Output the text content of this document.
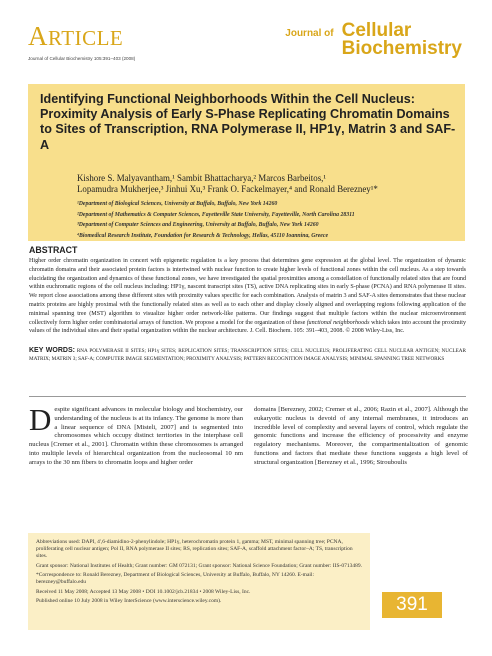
ARTICLE
Journal of Cellular Biochemistry 105:391–403 (2008)
Journal of Cellular
Biochemistry
Identifying Functional Neighborhoods Within the Cell Nucleus: Proximity Analysis of Early S-Phase Replicating Chromatin Domains to Sites of Transcription, RNA Polymerase II, HP1γ, Matrin 3 and SAF-A
Kishore S. Malyavantham,¹ Sambit Bhattacharya,² Marcos Barbeitos,¹
Lopamudra Mukherjee,³ Jinhui Xu,³ Frank O. Fackelmayer,⁴ and Ronald Berezney¹*
¹Department of Biological Sciences, University at Buffalo, Buffalo, New York 14260
²Department of Mathematics & Computer Sciences, Fayetteville State University, Fayetteville, North Carolina 28311
³Department of Computer Sciences and Engineering, University at Buffalo, Buffalo, New York 14260
⁴Biomedical Research Institute, Foundation for Research & Technology, Hellas, 45110 Ioannina, Greece
ABSTRACT
Higher order chromatin organization in concert with epigenetic regulation is a key process that determines gene expression at the global level. The organization of dynamic chromatin domains and their associated protein factors is intertwined with nuclear function to create higher levels of functional zones within the cell nucleus. As a step towards elucidating the organization and dynamics of these functional zones, we have investigated the spatial proximities among a constellation of functionally related sites that are found within euchromatic regions of the cell nucleus including: HP1γ, nascent transcript sites (TS), active DNA replicating sites in early S-phase (PCNA) and RNA polymerase II sites. We report close associations among these different sites with proximity values specific for each combination. Analysis of matrin 3 and SAF-A sites demonstrates that these nuclear matrix proteins are highly proximal with the functionally related sites as well as to each other and display closely aligned and overlapping regions following application of the minimal spanning tree (MST) algorithm to visualize higher order network-like patterns. Our findings suggest that multiple factors within the nuclear microenvironment collectively form higher order combinatorial arrays of function. We propose a model for the organization of these functional neighborhoods which takes into account the proximity values of the individual sites and their spatial organization within the nuclear architecture. J. Cell. Biochem. 105: 391–403, 2008. © 2008 Wiley-Liss, Inc.
KEY WORDS: RNA POLYMERASE II SITES; HP1γ SITES; REPLICATION SITES; TRANSCRIPTION SITES; CELL NUCLEUS; PROLIFERATING CELL NUCLEAR ANTIGEN; NUCLEAR MATRIX; MATRIN 3; SAF-A; COMPUTER IMAGE SEGMENTATION; PROXIMITY ANALYSIS; PATTERN RECOGNITION IMAGE ANALYSIS; MINIMAL SPANNING TREE NETWORKS
Despite significant advances in molecular biology and biochemistry, our understanding of the nucleus is at its infancy. The genome is more than a linear sequence of DNA [Misteli, 2007] and is segmented into chromosomes which occupy distinct territories in the interphase cell nucleus [Cremer et al., 2001]. Chromatin within these chromosomes is arranged into multiple levels of hierarchical organization from the nucleosomal 10 nm arrays to the 30 nm fibers to chromatin loops and higher order
domains [Berezney, 2002; Cremer et al., 2006; Razin et al., 2007]. Although the eukaryotic nucleus is devoid of any internal membranes, it introduces an incredible level of complexity and several layers of control, which regulate the genomic functions and increase the efficiency of processivity and enzyme regulatory mechanisms. Moreover, the compartmentalization of genomic functions and factors that mediate these functions suggests a high level of structural organization [Berezney et al., 1996; Strouboulis

Abbreviations used: DAPI, 4',6-diamidino-2-phenylindole; HP1γ, heterochromatin protein 1, gamma; MST, minimal spanning tree; PCNA, proliferating cell nuclear antigen; Pol II, RNA polymerase II sites; RS, replication sites; SAF-A, scaffold attachment factor–A; TS, transcription sites.

Grant sponsor: National Institutes of Health; Grant number: GM 072131; Grant sponsor: National Science Foundation; Grant number: IIS-0713489.

*Correspondence to: Ronald Berezney, Department of Biological Sciences, University at Buffalo, Buffalo, NY 14260. E-mail: berezney@buffalo.edu

Received 11 May 2008; Accepted 13 May 2008 • DOI 10.1002/jcb.21834 • 2008 Wiley-Liss, Inc.

Published online 10 July 2008 in Wiley InterScience (www.interscience.wiley.com).	391
